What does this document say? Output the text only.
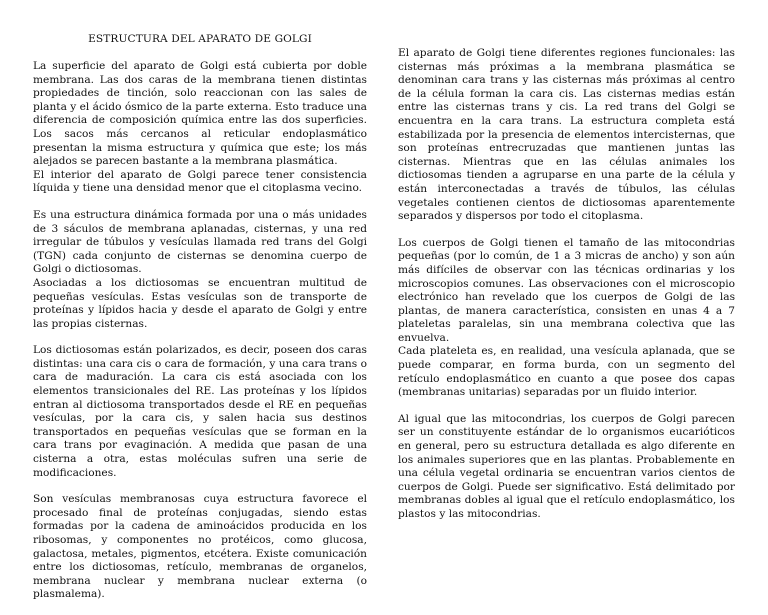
ESTRUCTURA DEL APARATO DE GOLGI
La superficie del aparato de Golgi está cubierta por doble membrana. Las dos caras de la membrana tienen distintas propiedades de tinción, solo reaccionan con las sales de planta y el ácido ósmico de la parte externa. Esto traduce una diferencia de composición química entre las dos superficies. Los sacos más cercanos al reticular endoplasmático presentan la misma estructura y química que este; los más alejados se parecen bastante a la membrana plasmática.
El interior del aparato de Golgi parece tener consistencia líquida y tiene una densidad menor que el citoplasma vecino.
Es una estructura dinámica formada por una o más unidades de 3 sáculos de membrana aplanadas, cisternas, y una red irregular de túbulos y vesículas llamada red trans del Golgi (TGN) cada conjunto de cisternas se denomina cuerpo de Golgi o dictiosomas.
Asociadas a los dictiosomas se encuentran multitud de pequeñas vesículas. Estas vesículas son de transporte de proteínas y lípidos hacia y desde el aparato de Golgi y entre las propias cisternas.
Los dictiosomas están polarizados, es decir, poseen dos caras distintas: una cara cis o cara de formación, y una cara trans o cara de maduración. La cara cis está asociada con los elementos transicionales del RE. Las proteínas y los lípidos entran al dictiosoma transportados desde el RE en pequeñas vesículas, por la cara cis, y salen hacia sus destinos transportados en pequeñas vesículas que se forman en la cara trans por evaginación. A medida que pasan de una cisterna a otra, estas moléculas sufren una serie de modificaciones.
Son vesículas membranosas cuya estructura favorece el procesado final de proteínas conjugadas, siendo estas formadas por la cadena de aminoácidos producida en los ribosomas, y componentes no protéicos, como glucosa, galactosa, metales, pigmentos, etcétera. Existe comunicación entre los dictiosomas, retículo, membranas de organelos, membrana nuclear y membrana nuclear externa (o plasmalema).
El aparato de Golgi tiene diferentes regiones funcionales: las cisternas más próximas a la membrana plasmática se denominan cara trans y las cisternas más próximas al centro de la célula forman la cara cis. Las cisternas medias están entre las cisternas trans y cis. La red trans del Golgi se encuentra en la cara trans. La estructura completa está estabilizada por la presencia de elementos intercisternas, que son proteínas entrecruzadas que mantienen juntas las cisternas. Mientras que en las células animales los dictiosomas tienden a agruparse en una parte de la célula y están interconectadas a través de túbulos, las células vegetales contienen cientos de dictiosomas aparentemente separados y dispersos por todo el citoplasma.
Los cuerpos de Golgi tienen el tamaño de las mitocondrias pequeñas (por lo común, de 1 a 3 micras de ancho) y son aún más difíciles de observar con las técnicas ordinarias y los microscopios comunes. Las observaciones con el microscopio electrónico han revelado que los cuerpos de Golgi de las plantas, de manera característica, consisten en unas 4 a 7 plateletas paralelas, sin una membrana colectiva que las envuelva.
Cada plateleta es, en realidad, una vesícula aplanada, que se puede comparar, en forma burda, con un segmento del retículo endoplasmático en cuanto a que posee dos capas (membranas unitarias) separadas por un fluido interior.
Al igual que las mitocondrias, los cuerpos de Golgi parecen ser un constituyente estándar de lo organismos eucarióticos en general, pero su estructura detallada es algo diferente en los animales superiores que en las plantas. Probablemente en una célula vegetal ordinaria se encuentran varios cientos de cuerpos de Golgi. Puede ser significativo. Está delimitado por membranas dobles al igual que el retículo endoplasmático, los plastos y las mitocondrias.
